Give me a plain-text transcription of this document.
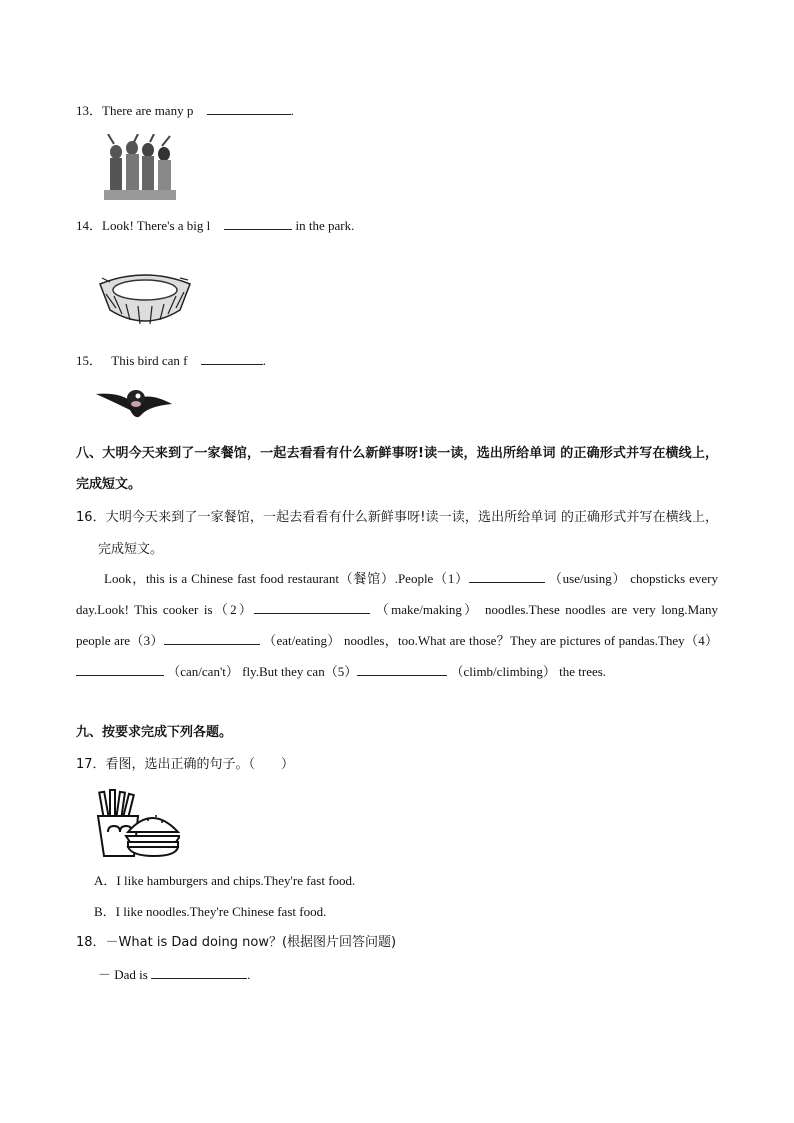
13．There are many p	.
14．Look! There's a big l	in the park.
15． This bird can f	.
八、大明今天来到了一家餐馆，一起去看看有什么新鲜事呀!读一读，选出所给单词 的正确形式并写在横线上，完成短文。
16．大明今天来到了一家餐馆，一起去看看有什么新鲜事呀!读一读，选出所给单词 的正确形式并写在横线上，完成短文。
Look，this is a Chinese fast food restaurant（餐馆）.People（1）	（use/using） chopsticks every day.Look! This cooker is（2）	（make/making） noodles.These noodles are very long.Many people are（3）	（eat/eating） noodles，too.What are those？They are pictures of pandas.They（4） （can/can't） fly.But they can（5）	（climb/climbing） the trees.
九、按要求完成下列各题。
17．看图，选出正确的句子。（　　）
A．I like hamburgers and chips.They're fast food.
B．I like noodles.They're Chinese fast food.
18．－What is Dad doing now？(根据图片回答问题)
－ Dad is	.
